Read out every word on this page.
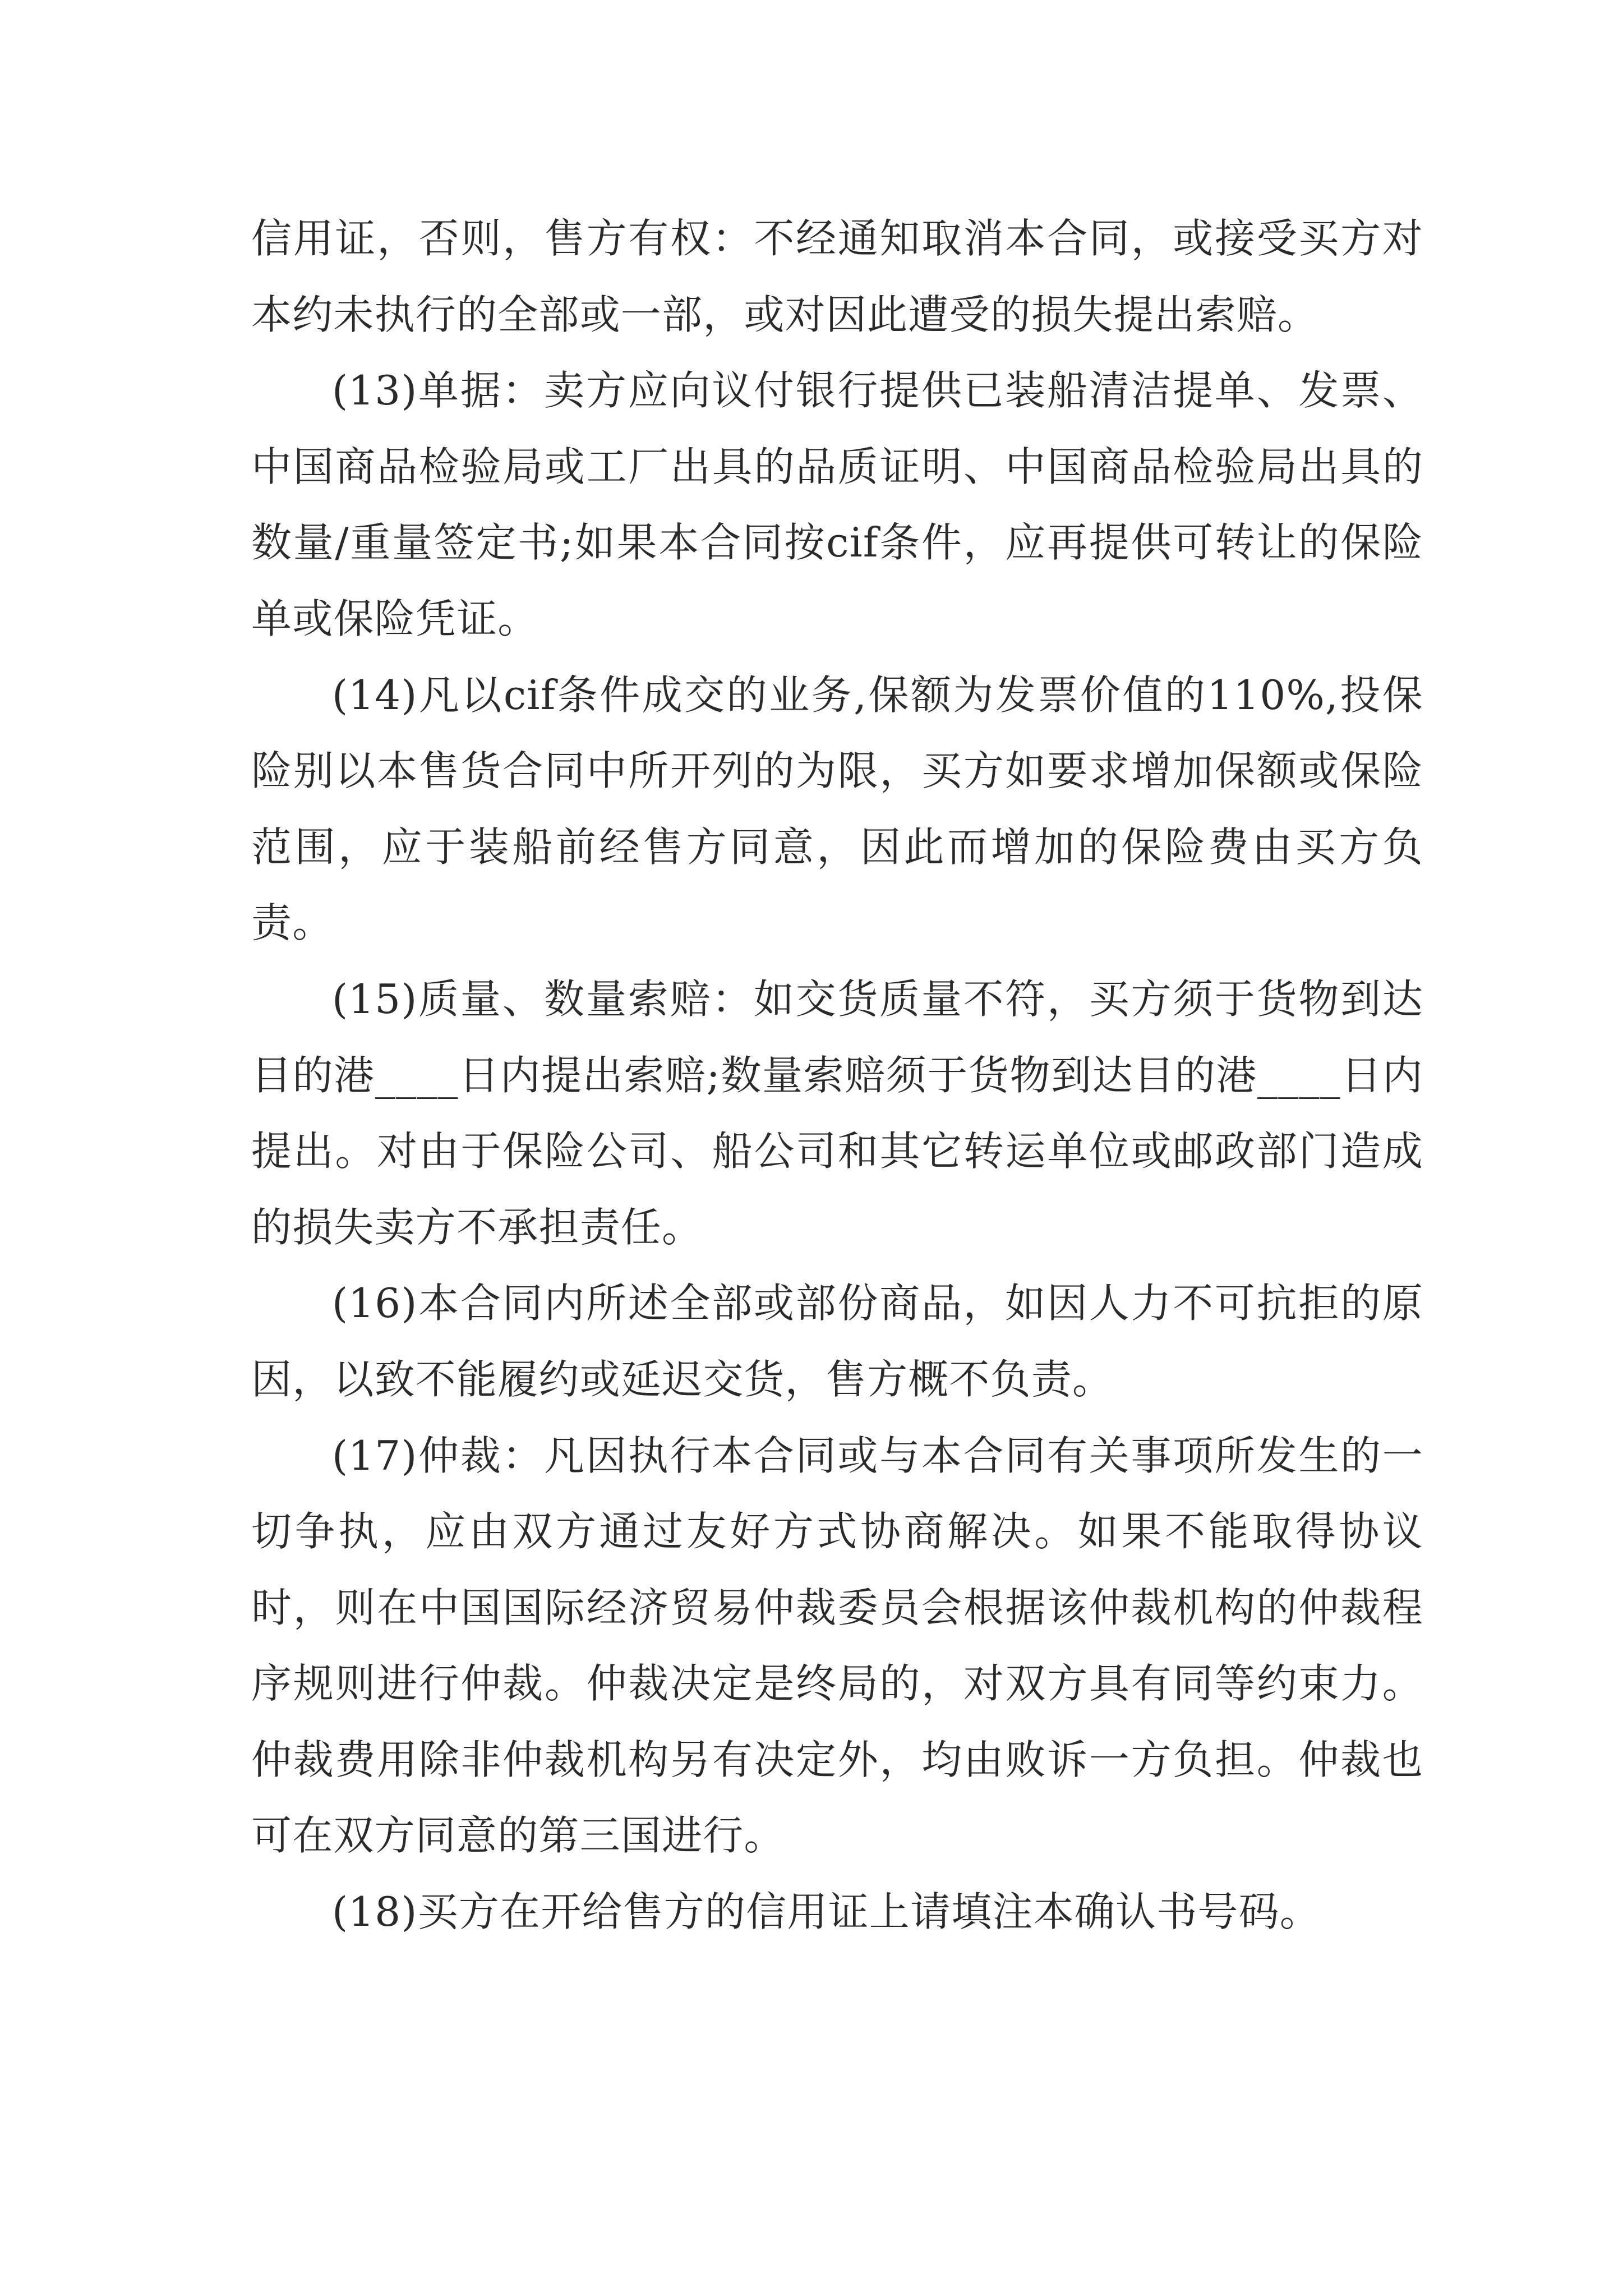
信用证，否则，售方有权：不经通知取消本合同，或接受买方对本约未执行的全部或一部，或对因此遭受的损失提出索赔。

(13)单据：卖方应向议付银行提供已装船清洁提单、发票、中国商品检验局或工厂出具的品质证明、中国商品检验局出具的数量/重量签定书;如果本合同按cif条件，应再提供可转让的保险单或保险凭证。

(14)凡以cif条件成交的业务,保额为发票价值的110%,投保险别以本售货合同中所开列的为限，买方如要求增加保额或保险范围，应于装船前经售方同意，因此而增加的保险费由买方负责。

(15)质量、数量索赔：如交货质量不符，买方须于货物到达目的港____日内提出索赔;数量索赔须于货物到达目的港____日内提出。对由于保险公司、船公司和其它转运单位或邮政部门造成的损失卖方不承担责任。

(16)本合同内所述全部或部份商品，如因人力不可抗拒的原因，以致不能履约或延迟交货，售方概不负责。

(17)仲裁：凡因执行本合同或与本合同有关事项所发生的一切争执，应由双方通过友好方式协商解决。如果不能取得协议时，则在中国国际经济贸易仲裁委员会根据该仲裁机构的仲裁程序规则进行仲裁。仲裁决定是终局的，对双方具有同等约束力。仲裁费用除非仲裁机构另有决定外，均由败诉一方负担。仲裁也可在双方同意的第三国进行。

(18)买方在开给售方的信用证上请填注本确认书号码。
